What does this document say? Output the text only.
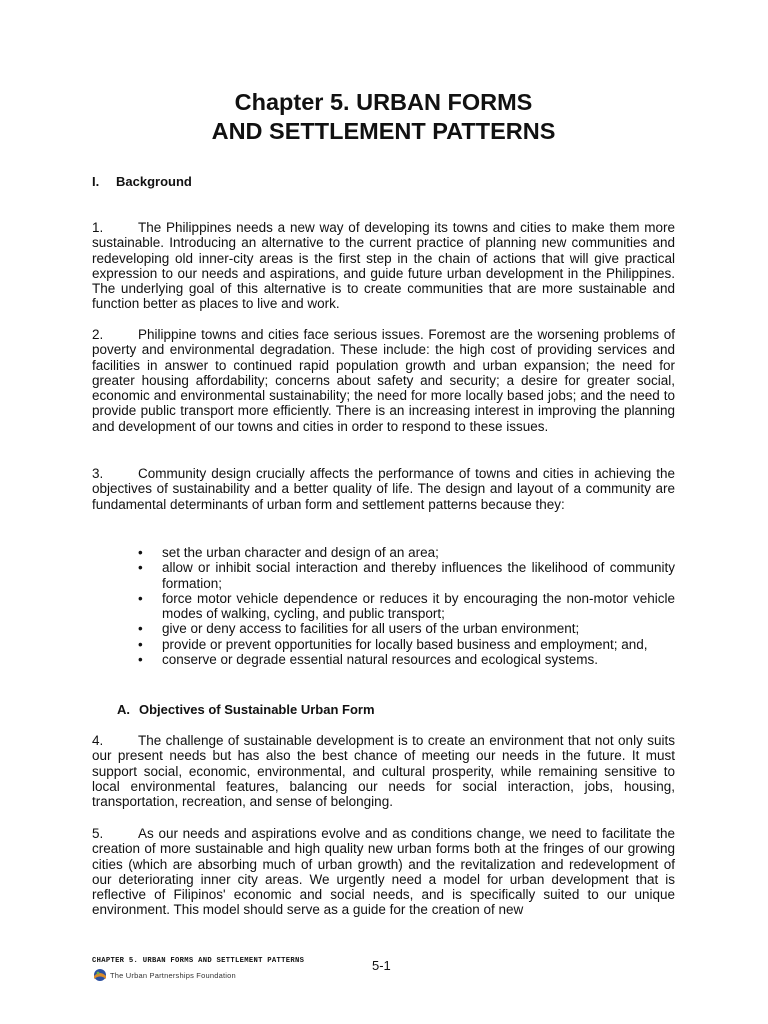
Chapter 5. URBAN FORMS
AND SETTLEMENT PATTERNS
I. Background

1.	The Philippines needs a new way of developing its towns and cities to make them more sustainable. Introducing an alternative to the current practice of planning new communities and redeveloping old inner-city areas is the first step in the chain of actions that will give practical expression to our needs and aspirations, and guide future urban development in the Philippines. The underlying goal of this alternative is to create communities that are more sustainable and function better as places to live and work.

2.	Philippine towns and cities face serious issues. Foremost are the worsening problems of poverty and environmental degradation. These include: the high cost of providing services and facilities in answer to continued rapid population growth and urban expansion; the need for greater housing affordability; concerns about safety and security; a desire for greater social, economic and environmental sustainability; the need for more locally based jobs; and the need to provide public transport more efficiently. There is an increasing interest in improving the planning and development of our towns and cities in order to respond to these issues.

3.	Community design crucially affects the performance of towns and cities in achieving the objectives of sustainability and a better quality of life. The design and layout of a community are fundamental determinants of urban form and settlement patterns because they:

• set the urban character and design of an area;
• allow or inhibit social interaction and thereby influences the likelihood of community formation;
• force motor vehicle dependence or reduces it by encouraging the non-motor vehicle modes of walking, cycling, and public transport;
• give or deny access to facilities for all users of the urban environment;
• provide or prevent opportunities for locally based business and employment; and,
• conserve or degrade essential natural resources and ecological systems.
A. Objectives of Sustainable Urban Form

4.	The challenge of sustainable development is to create an environment that not only suits our present needs but has also the best chance of meeting our needs in the future. It must support social, economic, environmental, and cultural prosperity, while remaining sensitive to local environmental features, balancing our needs for social interaction, jobs, housing, transportation, recreation, and sense of belonging.

5.	As our needs and aspirations evolve and as conditions change, we need to facilitate the creation of more sustainable and high quality new urban forms both at the fringes of our growing cities (which are absorbing much of urban growth) and the revitalization and redevelopment of our deteriorating inner city areas. We urgently need a model for urban development that is reflective of Filipinos' economic and social needs, and is specifically suited to our unique environment. This model should serve as a guide for the creation of new

CHAPTER 5. URBAN FORMS AND SETTLEMENT PATTERNS	5-1

The Urban Partnerships Foundation
